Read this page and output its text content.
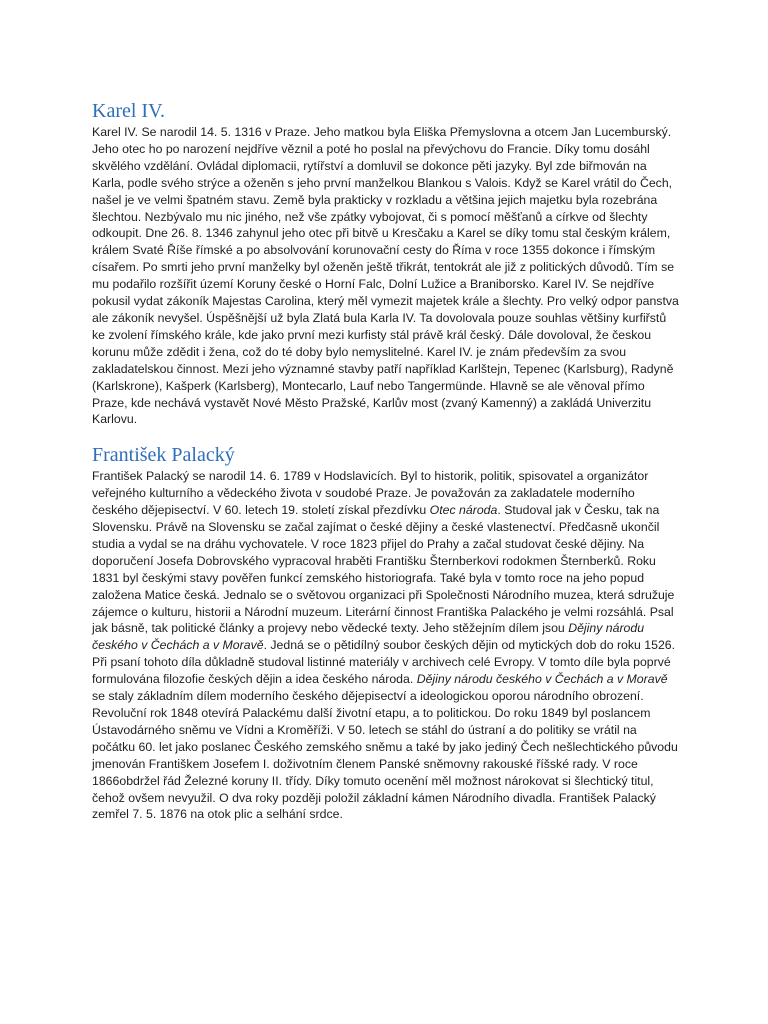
Karel IV.

Karel IV. Se narodil 14. 5. 1316 v Praze. Jeho matkou byla Eliška Přemyslovna a otcem Jan Lucemburský. Jeho otec ho po narození nejdříve věznil a poté ho poslal na převýchovu do Francie. Díky tomu dosáhl skvělého vzdělání. Ovládal diplomacii, rytířství a domluvil se dokonce pěti jazyky. Byl zde biřmován na Karla, podle svého strýce a oženěn s jeho první manželkou Blankou s Valois. Když se Karel vrátil do Čech, našel je ve velmi špatném stavu. Země byla prakticky v rozkladu a většina jejich majetku byla rozebrána šlechtou. Nezbývalo mu nic jiného, než vše zpátky vybojovat, či s pomocí měšťanů a církve od šlechty odkoupit. Dne 26. 8. 1346 zahynul jeho otec při bitvě u Kresčaku a Karel se díky tomu stal českým králem, králem Svaté Říše římské a po absolvování korunovační cesty do Říma v roce 1355 dokonce i římským císařem. Po smrti jeho první manželky byl oženěn ještě třikrát, tentokrát ale již z politických důvodů. Tím se mu podařilo rozšířit území Koruny české o Horní Falc, Dolní Lužice a Braniborsko. Karel IV. Se nejdříve pokusil vydat zákoník Majestas Carolina, který měl vymezit majetek krále a šlechty. Pro velký odpor panstva ale zákoník nevyšel. Úspěšnější už byla Zlatá bula Karla IV. Ta dovolovala pouze souhlas většiny kurfiřstů ke zvolení římského krále, kde jako první mezi kurfisty stál právě král český. Dále dovoloval, že českou korunu může zdědit i žena, což do té doby bylo nemyslitelné. Karel IV. je znám především za svou zakladatelskou činnost. Mezi jeho významné stavby patří například Karlštejn, Tepenec (Karlsburg), Radyně (Karlskrone), Kašperk (Karlsberg), Montecarlo, Lauf nebo Tangermünde. Hlavně se ale věnoval přímo Praze, kde nechává vystavět Nové Město Pražské, Karlův most (zvaný Kamenný) a zakládá Univerzitu Karlovu.

František Palacký

František Palacký se narodil 14. 6. 1789 v Hodslavicích. Byl to historik, politik, spisovatel a organizátor veřejného kulturního a vědeckého života v soudobé Praze. Je považován za zakladatele moderního českého dějepisectví. V 60. letech 19. století získal přezdívku Otec národa. Studoval jak v Česku, tak na Slovensku. Právě na Slovensku se začal zajímat o české dějiny a české vlastenectví. Předčasně ukončil studia a vydal se na dráhu vychovatele. V roce 1823 přijel do Prahy a začal studovat české dějiny. Na doporučení Josefa Dobrovského vypracoval hraběti Františku Šternberkovi rodokmen Šternberků. Roku 1831 byl českými stavy pověřen funkcí zemského historiografa. Také byla v tomto roce na jeho popud založena Matice česká. Jednalo se o světovou organizaci při Společnosti Národního muzea, která sdružuje zájemce o kulturu, historii a Národní muzeum. Literární činnost Františka Palackého je velmi rozsáhlá. Psal jak básně, tak politické články a projevy nebo vědecké texty. Jeho stěžejním dílem jsou Dějiny národu českého v Čechách a v Moravě. Jedná se o pětidílný soubor českých dějin od mytických dob do roku 1526. Při psaní tohoto díla důkladně studoval listinné materiály v archivech celé Evropy. V tomto díle byla poprvé formulována filozofie českých dějin a idea českého národa. Dějiny národu českého v Čechách a v Moravě se staly základním dílem moderního českého dějepisectví a ideologickou oporou národního obrození. Revoluční rok 1848 otevírá Palackému další životní etapu, a to politickou. Do roku 1849 byl poslancem Ústavodárného sněmu ve Vídni a Kroměříži. V 50. letech se stáhl do ústraní a do politiky se vrátil na počátku 60. let jako poslanec Českého zemského sněmu a také by jako jediný Čech nešlechtického původu jmenován Františkem Josefem I. doživotním členem Panské sněmovny rakouské říšské rady. V roce 1866obdržel řád Železné koruny II. třídy. Díky tomuto ocenění měl možnost nárokovat si šlechtický titul, čehož ovšem nevyužil. O dva roky později položil základní kámen Národního divadla. František Palacký zemřel 7. 5. 1876 na otok plic a selhání srdce.
